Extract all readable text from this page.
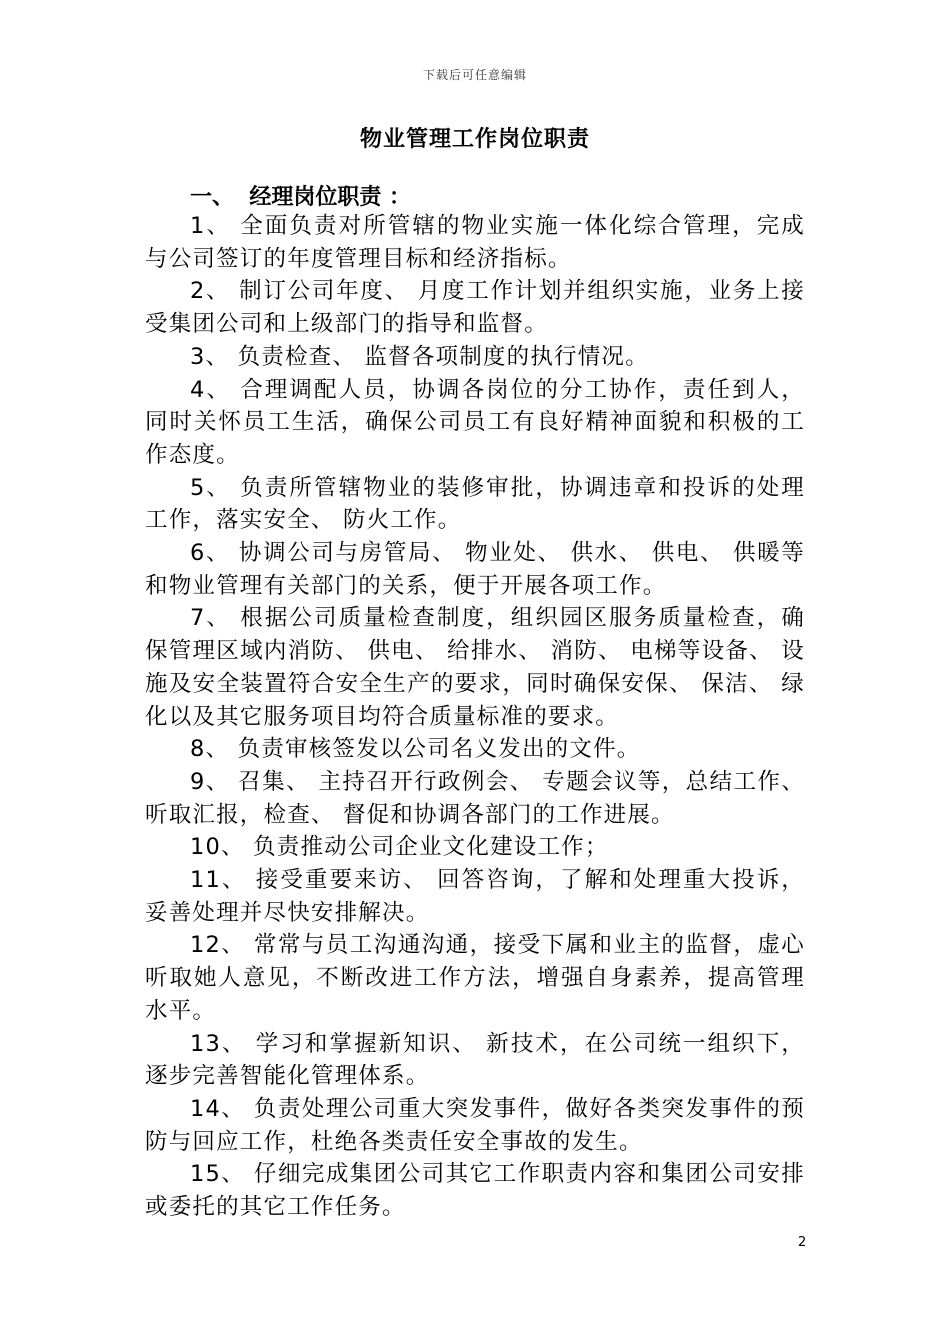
下载后可任意编辑
物业管理工作岗位职责
一、  经理岗位职责 ：

1、 全面负责对所管辖的物业实施一体化综合管理，完成与公司签订的年度管理目标和经济指标。

2、 制订公司年度、 月度工作计划并组织实施，业务上接受集团公司和上级部门的指导和监督。

3、 负责检查、 监督各项制度的执行情况。

4、 合理调配人员，协调各岗位的分工协作，责任到人，同时关怀员工生活，确保公司员工有良好精神面貌和积极的工作态度。

5、 负责所管辖物业的装修审批，协调违章和投诉的处理工作，落实安全、 防火工作。

6、 协调公司与房管局、 物业处、 供水、 供电、 供暖等和物业管理有关部门的关系，便于开展各项工作。

7、 根据公司质量检查制度，组织园区服务质量检查，确保管理区域内消防、 供电、 给排水、 消防、 电梯等设备、 设施及安全装置符合安全生产的要求，同时确保安保、 保洁、 绿化以及其它服务项目均符合质量标准的要求。

8、 负责审核签发以公司名义发出的文件。

9、 召集、 主持召开行政例会、 专题会议等，总结工作、听取汇报，检查、 督促和协调各部门的工作进展。

10、 负责推动公司企业文化建设工作；

11、 接受重要来访、 回答咨询，了解和处理重大投诉，妥善处理并尽快安排解决。

12、 常常与员工沟通沟通，接受下属和业主的监督，虚心听取她人意见，不断改进工作方法，增强自身素养，提高管理水平。

13、 学习和掌握新知识、 新技术，在公司统一组织下，逐步完善智能化管理体系。

14、 负责处理公司重大突发事件，做好各类突发事件的预防与回应工作，杜绝各类责任安全事故的发生。

15、 仔细完成集团公司其它工作职责内容和集团公司安排或委托的其它工作任务。

2
